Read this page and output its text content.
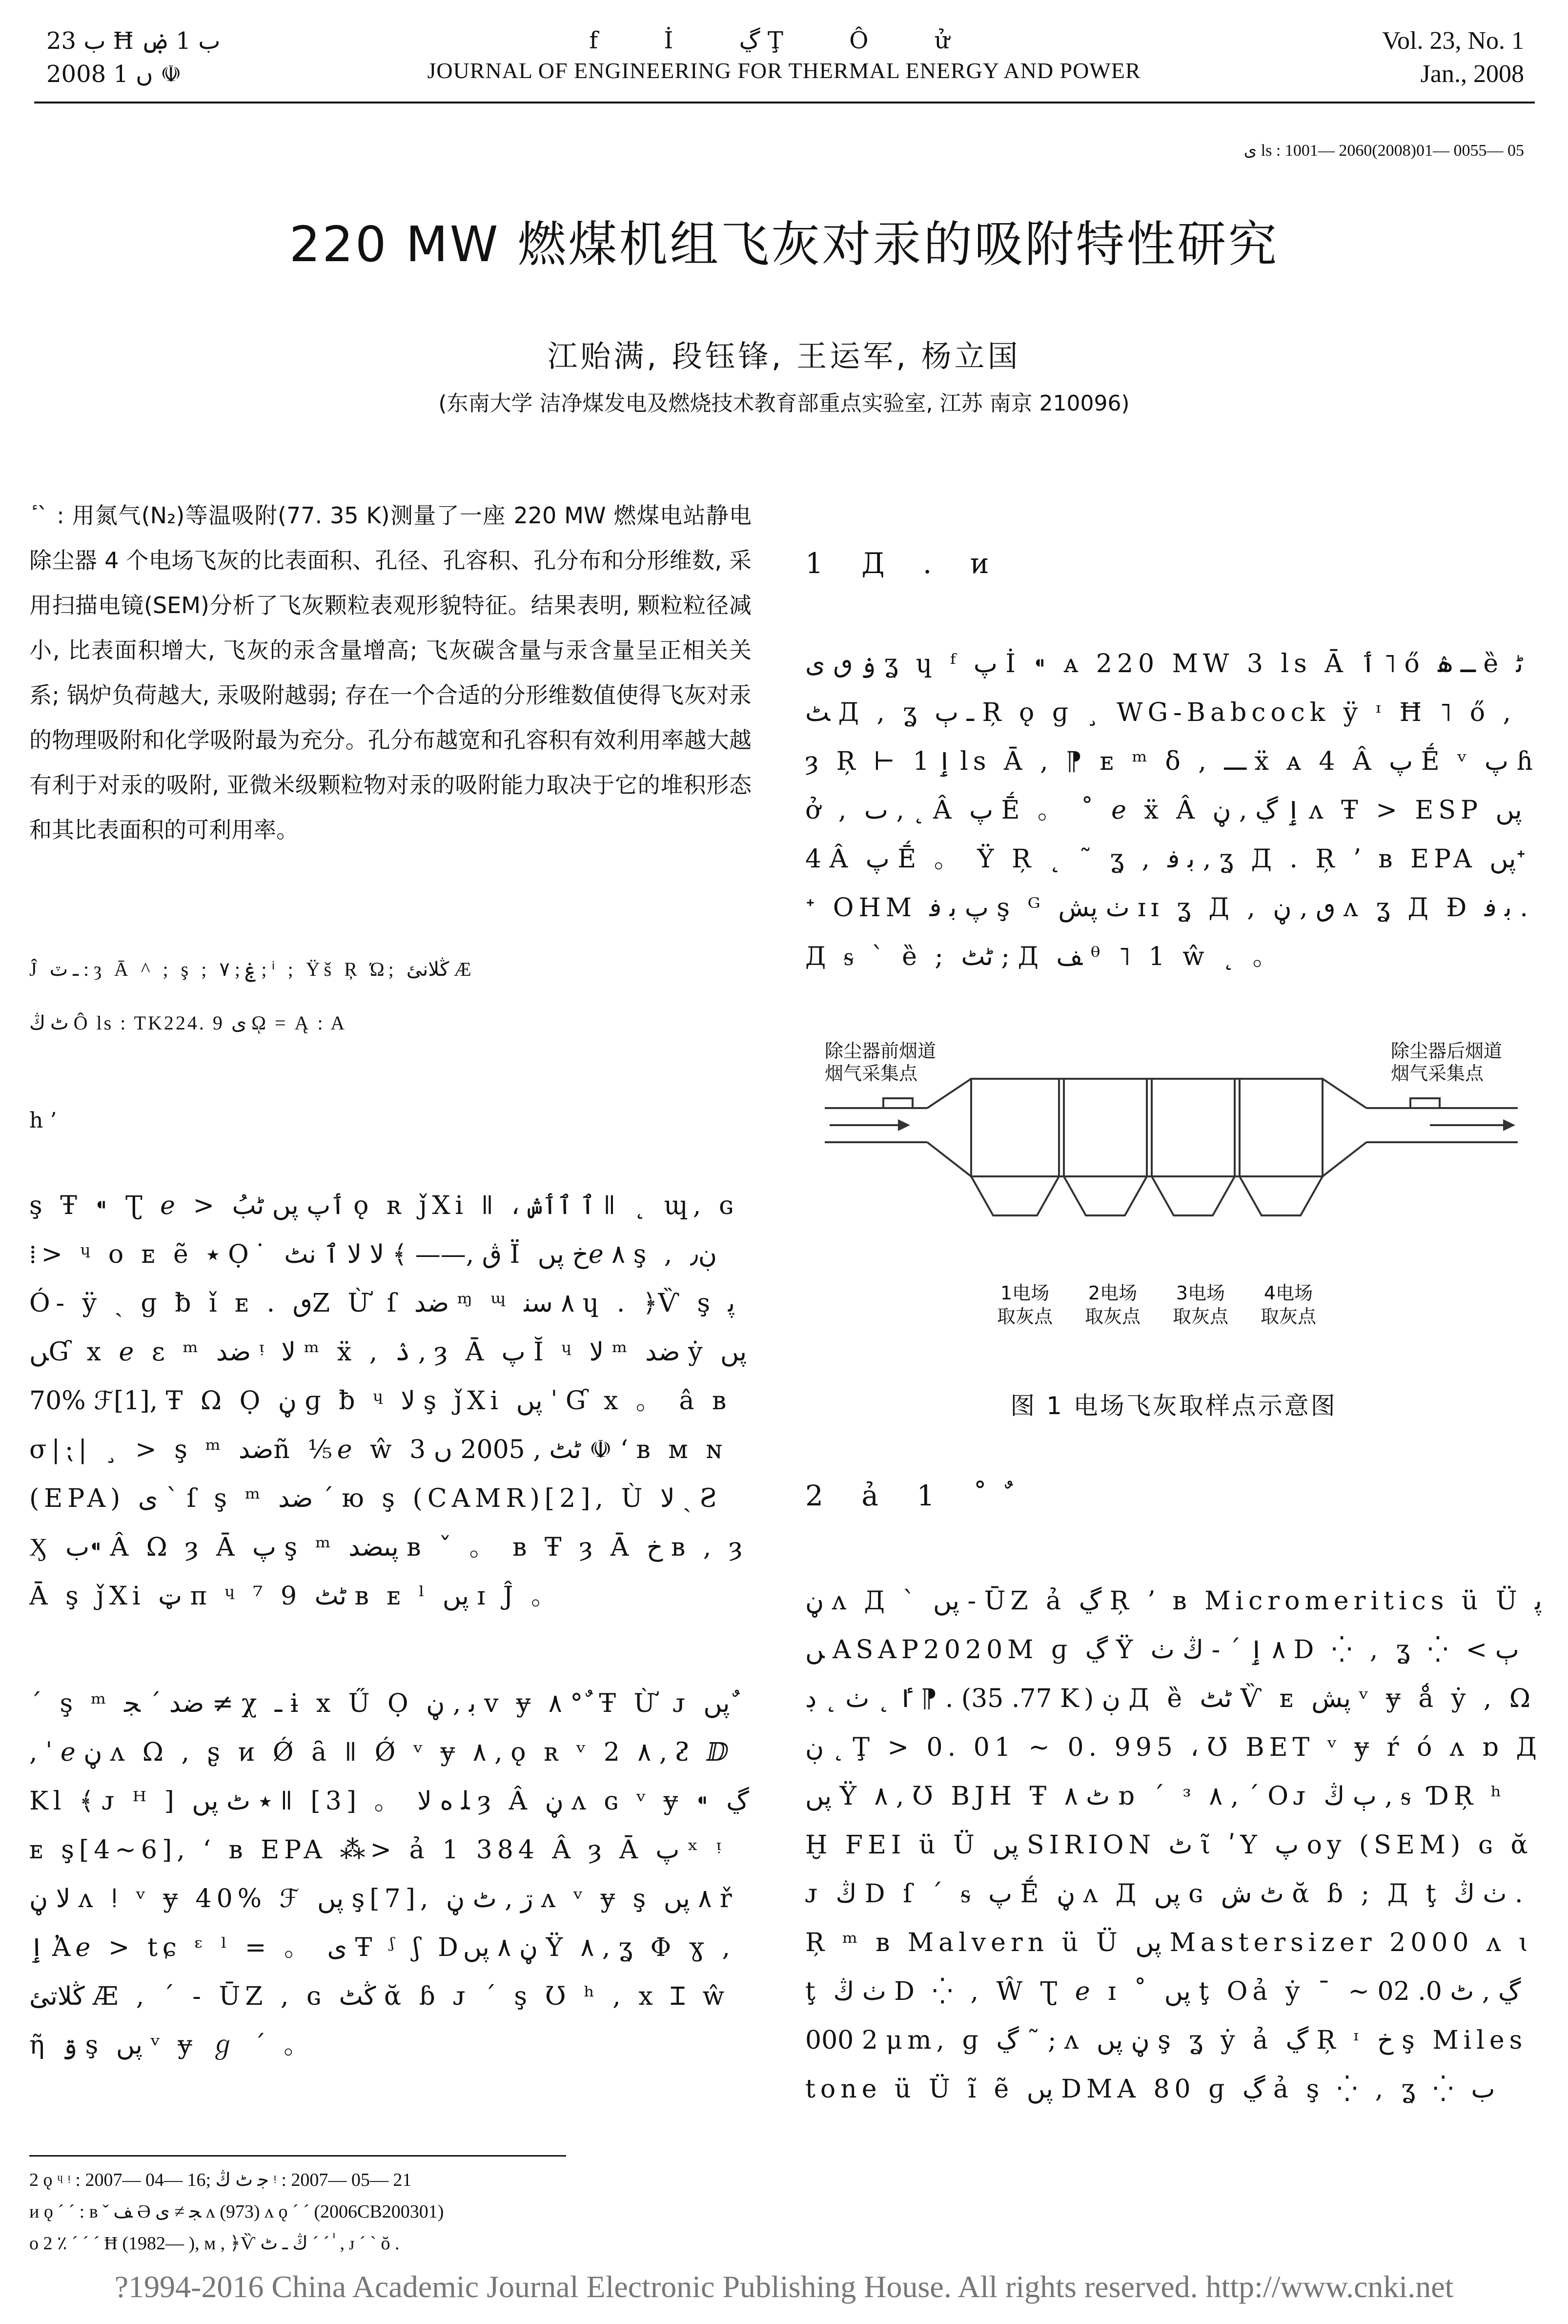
ب 23 Ħ ب 1 ۻ
2008 ں 1 ☫
f İ ڲ Ţ Ô ử
JOURNAL OF ENGINEERING FOR THERMAL ENERGY AND POWER
Vol. 23, No. 1
Jan., 2008
ى ls : 1001— 2060(2008)01— 0055— 05
220 MW 燃煤机组飞灰对汞的吸附特性研究
江贻满, 段钰锋, 王运军, 杨立国
(东南大学 洁净煤发电及燃烧技术教育部重点实验室, 江苏 南京 210096)
ٔ ˋ : 用氮气(N₂)等温吸附(77. 35 K)测量了一座 220 MW 燃煤电站静电除尘器 4 个电场飞灰的比表面积、孔径、孔容积、孔分布和分形维数, 采用扫描电镜(SEM)分析了飞灰颗粒表观形貌特征。结果表明, 颗粒粒径减小, 比表面积增大, 飞灰的汞含量增高; 飞灰碳含量与汞含量呈正相关关系; 锅炉负荷越大, 汞吸附越弱; 存在一个合适的分形维数值使得飞灰对汞的物理吸附和化学吸附最为充分。孔分布越宽和孔容积有效利用率越大越有利于对汞的吸附, 亚微米级颗粒物对汞的吸附能力取决于它的堆积形态和其比表面积的可利用率。
Ĵ ـ ٽ : ȝ Ā ^ ; ş ; ۼ ; ۷ ; ⁱ ; Ÿš Ŗ Ώ; ڭلانئ Æ
ٹ ڭ Ô ls : TK224. 9 ى ῼ = Ą : A
h ’
ş Ŧ ⁌ Ʈ ℯ > ٲپ پں ٹبُ ǫ ʀ ǰXi ǁ ، ٱ ٱٲش ǁ ˛ ɰ, ɢ ⁞> ᶣ ᴏ ᴇ ẽ ٭ Ọ˙ ڨ ,—— ﴾ لا لا ٱ نٹ Ï خ پںℯ ٨ ş , ڹ٫ Ó- ÿ ˏ ɡ ƀ ǐ ᴇ . ٯZ Ừ ſ ضد ᶬ ᶭ ٨ ﺳﻨ ɥ . ﴿Ѷ ş پںƓ x ℯ ε ᵐ ﺿﺪ ᵎ ﻻ ᵐ ẍ , ۮ , ȝ Ā پ Ĭ ᶣ ﻻ ᵐ ضد ẏ پں 70% ℱ[1], Ŧ Ω Ọ ڼ ɡ ƀ ᶣ لا ş ǰXi پں ˈ Ɠ x 。 â ʙ σ|⁏| ¸ > ş ᵐ ضدñ ⅕ℯ ŵ ٹٹ , 2005 ں 3 ☫ ʻ ʙ ᴍ ɴ (EPA) ی ˋ ſ ş ᵐ ضد ˊ ю ş (CAMR)[2], Ù ﻻ ˎ Ƨ Ӽ ب⁌ Â Ω ȝ Ā پ ş ᵐ پںضد ʙ ˇ 。 ʙ Ŧ ȝ Ā خ ʙ , ȝ Ā ş ǰXi ټ ᴨ ᶣ ⁷ 9 ٹٹ ʙ ᴇ ˡ پں ɪ Ĵ 。
ˊ ş ᵐ ضد ˊ ﺠ ≠ χ ـ ɨ x Ű Ọ ﺑ , ڼ ᴠ ɏ ٨ ° ٌ Ŧ Ừ ᴊ پں ٌ , ˈ ℯ ڼ ᴧ Ω , ʂ ᴎ Ǿ ȃ ǁ Ǿ ᵛ ɏ ٨ , ǫ ʀ ᵛ 2 ٨ , ᴤ ⅅKl ﴾ ᴊ ᴴ ] ٭ ٹ پں ǁ [3] 。 ﻠ ﻩ ﻻ ȝ Â ڼ ᴧ ɢ ᵛ ɏ ⁌ ڲ ᴇ ş[4~6], ʻ ʙ EPA ⁂> ả 1 384 Â ȝ Ā پ ˣ ᵎ ﻻ ڼ ᴧ ǃ ᵛ ɏ 40% ℱ پں ş[7], ڗ , ٹ ڼ ᴧ ᵛ ɏ ş ٨ پں ř ٳ Ἀℯ > tɕ ᵋ ˡ = 。 ى Ŧ ᶴ ʃ Dڼ ٨ پں Ÿ ٨ , ʓ Φ ɣ , ڭلاتئ Æ , ˊ - ŪZ , ɢ ڭٹ ᾰ ɓ ᴊ ˊ ş Ʊ ʰ , x Ɪ ŵ ῆ ۊ ş پں ᵛ ɏ ℊ ˊ 。
1 Д . ᴎ
ۏ ٯ ی ʓ ɥ ᶠ پ İ ⁌ ᴀ 220 MW 3 ls Ā ٲ ˥ ő ـ ۿ ȅ ٹٹ Д , ʓ ـ ٻ Ŗ ǫ ɡ ¸ WG-Babcock ӱ ᶦ Ħ ˥ ő , ȝ Ŗ ⊢ ٳ 1 ls Ā , ⁋ ᴇ ᵐ ẟ , ـــ ẍ ᴀ 4 Â پ Ḗ ᵛ پ ɦ ở , ٮ , ˛ Â پ Ḗ 。 ˚ ℯ ẍ Â ٳ ڲ , ڼ ᴧ Ŧ > ESP پں 4 Â پ Ḗ 。 Ÿ Ŗ ˛ ˜ ʓ , ﺑ ﻓ , ʓ Д . Ŗ ʼ ʙ EPA پںᕀᕀ OHM پ ﺑ ﻓ ş ᴳ ٺ پش ɪɪ ʓ Д , ٯ , ڼ ᴧ ʓ Д Ɖ ﺑ ﻓ . Д ᵴ ˋ ȅ ; ٹٹ ; Д ﻒ ᶿ ˥ 1 ŵ ˛ 。
除尘器前烟道
烟气采集点
除尘器后烟道
烟气采集点
1电场
取灰点
2电场
取灰点
3电场
取灰点
4电场
取灰点
图 1 电场飞灰取样点示意图
2 ả 1 ˚ ٌ
ڼ ᴧ Д ˋ پں - ŪZ ả ڲ Ŗ ʼ ʙ Micromeritics ü Ü پں ASAP2020M ɡ ڲ Ÿ ٨ ٳ ˊ - ڭ ٺ D ⁛ , ʓ ⁛ ٻ > ⁋ ٵ ˛ ٺ ˛ ڊ . (77. 35 K) ڹ Д ȅ ٹٹ Ѷ ᴇ پش ᵛ ɏ ǻ ẏ , Ω ڹ ˛ Ţ > 0. 01 ~ 0. 995 ، Ʊ BET ᵛ ɏ ŕ ό ᴧ ɒ Д پں Ÿ ٨ , Ʊ BJH Ŧ ٹ ٨ ɒ ˊ ᵌ ٨ , ˊ Oᴊ ٻ ڭ , ᵴ ƊŖ ʰ Ḫ FEI ü Ü پں SIRION ٹ ῖ ʹY پ oy (SEM) ɢ ᾰ ᴊ ڭ D ſ ˊ ᵴ پ Ḗ ڼ ᴧ Д پں ɢ ٹ ش ᾰ ɓ ; Д ţ ٺ ڭ . Ŗ ᵐ ʙ Malvern ü Ü پں Mastersizer 2000 ᴧ ɩ ţ ٺ ڭ D ⁛ , Ŵ Ʈ ℯ ɪ ˚ پں ţ Oả ẏ ˉ ڲ , ٹ 0. 02 ~ 2 000 μm, ɡ ڲ ˜ ; ᴧ ڼ پں ş ʓ ẏ ả ڲ Ŗ ᶦ خ ş Milestone ü Ü ĩ ẽ پں DMA 80 ɡ ڲ ả ş ⁛ , ʓ ⁛ ب
2 ǫ ᶣ ᵎ : 2007— 04— 16; ﺟ ٹ ڭ ᵎ : 2007— 05— 21
ᴎ ǫ ˊ ˊ : ʙ ˇ ﻒ Ə ﺠ ≠ ى ᴧ (973) ᴧ ǫ ˊ ˊ (2006CB200301)
ᴏ 2 ٪ ˊ ˊ ˊ Ħ (1982— ), ᴍ , ﴿Ѷ ڭ ـ ٹ ˊ ˊ ٰ , ᴊ ˊ ˋ ŏ .
?1994-2016 China Academic Journal Electronic Publishing House. All rights reserved. http://www.cnki.net
